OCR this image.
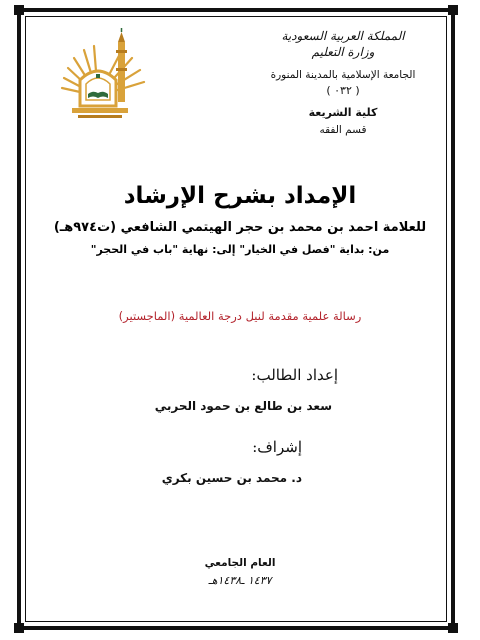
المملكة العربية السعودية
وزارة التعليم
الجامعة الإسلامية بالمدينة المنورة
( ٠٣٢ )
كلية الشريعة
قسم الفقه
الإمداد بشرح الإرشاد
للعلامة احمد بن محمد بن حجر الهيتمي الشافعي (ت٩٧٤هـ)
من: بداية "فصل في الخيار" إلى: نهاية "باب في الحجر"
رسالة علمية مقدمة لنيل درجة العالمية (الماجستير)
إعداد الطالب:
سعد بن طالع بن حمود الحربي
إشراف:
د. محمد بن حسين بكري
العام الجامعي
١٤٣٧ ـ١٤٣٨هـ
